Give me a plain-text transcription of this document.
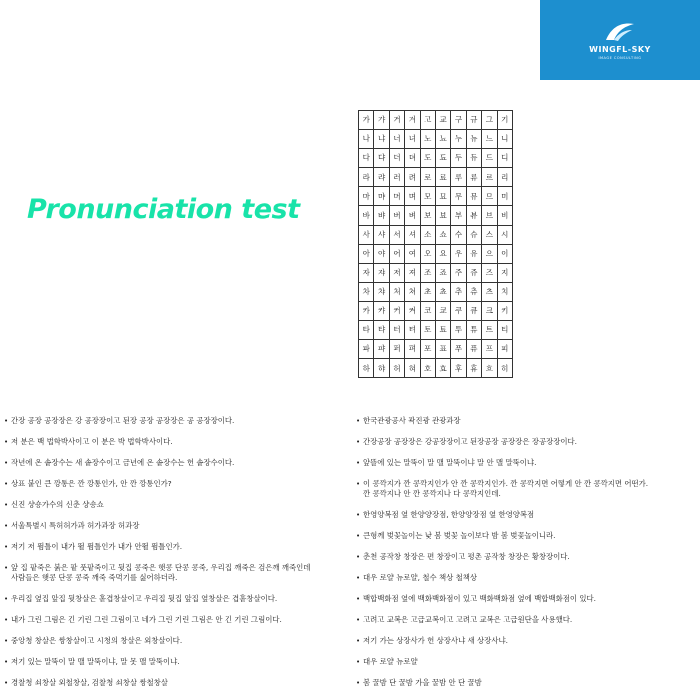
WINGFL-SKY
IMAGE CONSULTING
Pronunciation test
가	갸	거	겨	고	교	구	규	그	기
나	냐	너	녀	노	뇨	누	뉴	느	니
다	댜	더	뎌	도	됴	두	듀	드	디
라	랴	러	려	로	료	루	류	르	리
마	먀	머	며	모	묘	무	뮤	므	미
바	뱌	버	벼	보	뵤	부	뷰	브	비
사	샤	서	셔	소	쇼	수	슈	스	시
아	야	어	여	오	요	우	유	으	이
자	쟈	저	져	조	죠	주	쥬	즈	지
차	챠	처	쳐	초	쵸	추	츄	츠	치
카	캬	커	켜	코	쿄	쿠	큐	크	키
타	탸	터	텨	토	툐	투	튜	트	티
파	퍄	퍼	펴	포	표	푸	퓨	프	피
하	햐	허	혀	호	효	후	휴	흐	히
• 간장 공장 공장장은 강 공장장이고 된장 공장 공장장은 공 공장장이다.
• 저 분은 백 법학박사이고 이 분은 박 법학박사이다.
• 작년에 온 솥장수는 새 솥장수이고 금년에 온 솥장수는 헌 솥장수이다.
• 상표 붙인 큰 깡통은 깐 깡통인가, 안 깐 깡통인가?
• 신진 샹숑가수의 신춘 샹숑쇼
• 서울특별시 특허허가과 허가과장 허과장
• 저기 저 뜀틀이 내가 뛸 뜀틀인가 내가 안뛸 뜀틀인가.
• 앞 집 팥죽은 붉은 팥 풋팥죽이고 뒷집 콩죽은 햇콩 단콩 콩죽, 우리집 깨죽은 검은깨 깨죽인데
사람들은 햇콩 단콩 콩죽 깨죽 죽먹기를 싫어하더라.
• 우리집 옆집 앞집 뒷창살은 홑겹창살이고 우리집 뒷집 앞집 옆창살은 겹홑창살이다.
• 내가 그린 그림은 긴 기린 그린 그림이고 네가 그린 기린 그림은 안 긴 기린 그림이다.
• 중앙청 창살은 쌍창살이고 시청의 창살은 외창살이다.
• 저기 있는 말뚝이 말 맬 말뚝이냐, 말 못 맬 말뚝이냐.
• 경찰청 쇠창살 외철창살, 검찰청 쇠창살 쌍철창살
• 한국관광공사 곽진광 관광과장
• 간장공장 공장장은 강공장장이고 된장공장 공장장은 장공장장이다.
• 앞뜰에 있는 말뚝이 말 맬 말뚝이냐 말 안 맬 말뚝이냐.
• 이 콩깍지가 깐 콩깍지인가 안 깐 콩깍지인가. 깐 콩깍지면 어떻게 안 깐 콩깍지면 어떤가.
깐 콩깍지나 안 깐 콩깍지나 다 콩깍지인데.
• 한영양복점 옆 한양양장점, 한양양장점 옆 한영양복점
• 큰형께 벚꽃놀이는 낮 봄 벚꽃 놀이보다 밤 봄 벚꽃놀이니라.
• 춘천 공작창 창장은 편 창장이고 평촌 공작창 창장은 황창장이다.
• 대우 로얄 뉴로얄, 철수 책상 철책상
• 백합백화점 옆에 백화백화점이 있고 백화백화점 옆에 백합백화점이 있다.
• 고려고 교복은 고급교복이고 고려고 교복은 고급원단을 사용했다.
• 저기 가는 상장사가 헌 상장사냐 새 상장사냐.
• 대우 로얄 뉴로얄
• 봄 꿀밤 단 꿀밤 가을 꿀밤 안 단 꿀밤
